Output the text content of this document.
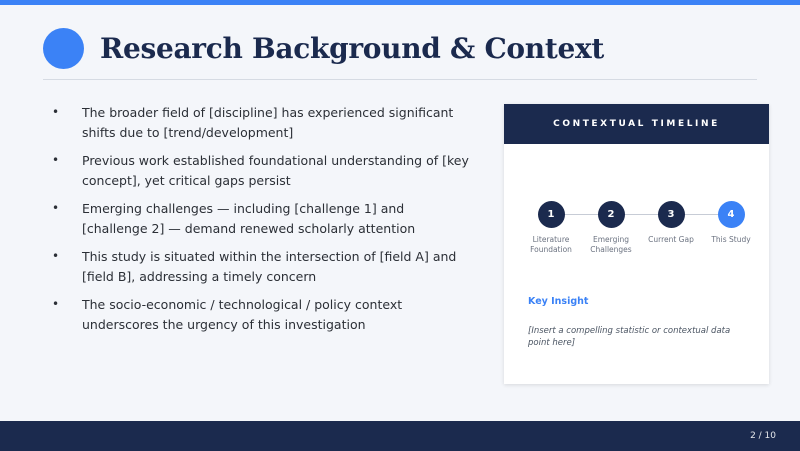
Research Background & Context
• The broader field of [discipline] has experienced significant shifts due to [trend/development]
• Previous work established foundational understanding of [key concept], yet critical gaps persist
• Emerging challenges — including [challenge 1] and [challenge 2] — demand renewed scholarly attention
• This study is situated within the intersection of [field A] and [field B], addressing a timely concern
• The socio-economic / technological / policy context underscores the urgency of this investigation
CONTEXTUAL TIMELINE
1
Literature Foundation
2
Emerging Challenges
3
Current Gap
4
This Study
Key Insight
[Insert a compelling statistic or contextual data point here]
2 / 10
